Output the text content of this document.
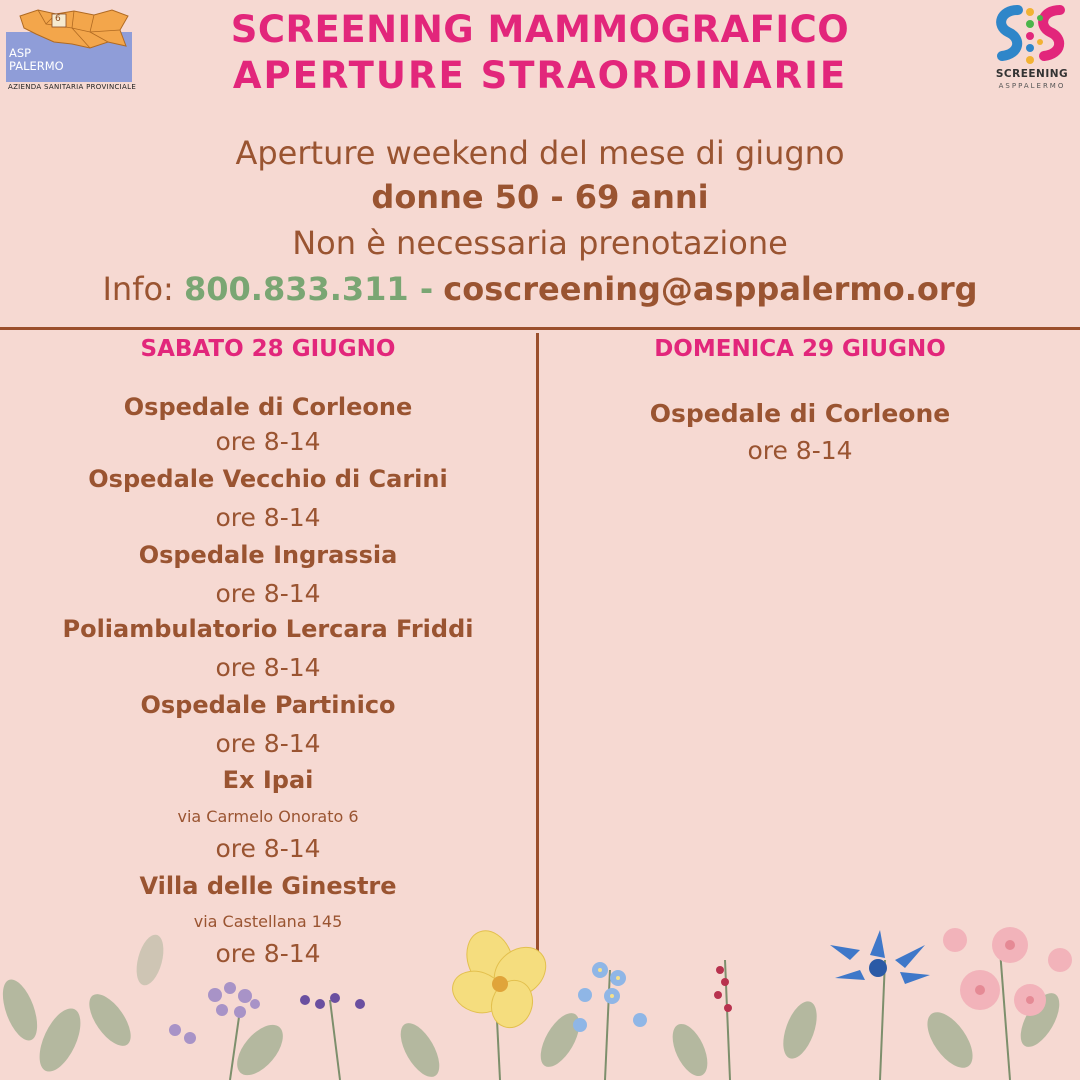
6
ASP
PALERMO
AZIENDA SANITARIA PROVINCIALE
SCREENING
ASPPALERMO
SCREENING MAMMOGRAFICO
APERTURE STRAORDINARIE
Aperture weekend del mese di giugno
donne 50 - 69 anni
Non è necessaria prenotazione
Info: 800.833.311 - coscreening@asppalermo.org
SABATO 28 GIUGNO	DOMENICA 29 GIUGNO
Ospedale di Corleone
ore 8-14
Ospedale Vecchio di Carini
ore 8-14
Ospedale Ingrassia
ore 8-14
Poliambulatorio Lercara Friddi
ore 8-14
Ospedale Partinico
ore 8-14
Ex Ipai
via Carmelo Onorato 6
ore 8-14
Villa delle Ginestre
via Castellana 145
ore 8-14
Ospedale di Corleone
ore 8-14
